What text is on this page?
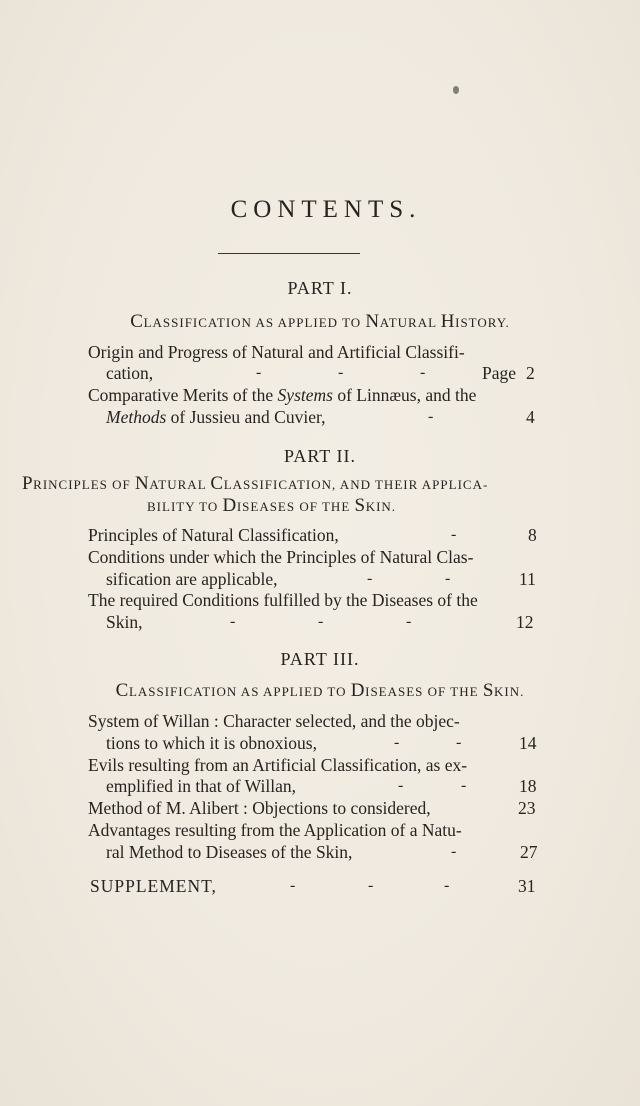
CONTENTS.
PART I.
CLASSIFICATION AS APPLIED TO NATURAL HISTORY.
Origin and Progress of Natural and Artificial Classifi-
cation,	-	-	-	Page 2
Comparative Merits of the Systems of Linnæus, and the
Methods of Jussieu and Cuvier,	-	4
PART II.
PRINCIPLES OF NATURAL CLASSIFICATION, AND THEIR APPLICA-
BILITY TO DISEASES OF THE SKIN.
Principles of Natural Classification,	-	8
Conditions under which the Principles of Natural Clas-
sification are applicable,	-	-	11
The required Conditions fulfilled by the Diseases of the
Skin,	-	-	-	12
PART III.
CLASSIFICATION AS APPLIED TO DISEASES OF THE SKIN.
System of Willan : Character selected, and the objec-
tions to which it is obnoxious,	-	-	14
Evils resulting from an Artificial Classification, as ex-
emplified in that of Willan,	-	-	18
Method of M. Alibert : Objections to considered,	23
Advantages resulting from the Application of a Natu-
ral Method to Diseases of the Skin,	-	27
SUPPLEMENT,	-	-	-	31
